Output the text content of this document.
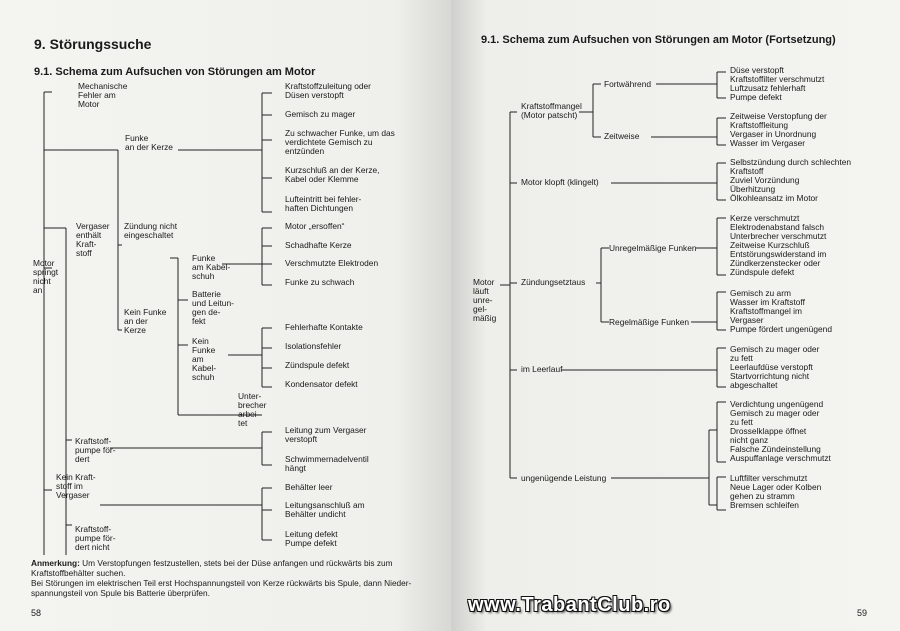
9. Störungssuche
9.1. Schema zum Aufsuchen von Störungen am Motor
Motor
springt
nicht
an
Mechanische
Fehler am
Motor
Funke
an der Kerze
Vergaser
enthält
Kraft-
stoff
Zündung nicht
eingeschaltet
Kein Funke
an der
Kerze
Funke
am Kabel-
schuh
Batterie
und Leitun-
gen de-
fekt
Kein
Funke
am
Kabel-
schuh
Unter-
brecher
arbei-
tet
Kraftstoff-
pumpe för-
dert
Kein Kraft-
stoff im
Vergaser
Kraftstoff-
pumpe för-
dert nicht
Kraftstoffzuleitung oder
Düsen verstopft
Gemisch zu mager
Zu schwacher Funke, um das
verdichtete Gemisch zu
entzünden
Kurzschluß an der Kerze,
Kabel oder Klemme
Lufteintritt bei fehler-
haften Dichtungen
Motor „ersoffen“
Schadhafte Kerze
Verschmutzte Elektroden
Funke zu schwach
Fehlerhafte Kontakte
Isolationsfehler
Zündspule defekt
Kondensator defekt
Leitung zum Vergaser
verstopft
Schwimmernadelventil
hängt
Behälter leer
Leitungsanschluß am
Behälter undicht
Leitung defekt
Pumpe defekt
Anmerkung: Um Verstopfungen festzustellen, stets bei der Düse anfangen und rückwärts bis zum
Kraftstoffbehälter suchen.
Bei Störungen im elektrischen Teil erst Hochspannungsteil von Kerze rückwärts bis Spule, dann Nieder-
spannungsteil von Spule bis Batterie überprüfen.
58
9.1. Schema zum Aufsuchen von Störungen am Motor (Fortsetzung)
Motor
läuft
unre-
gel-
mäßig
Kraftstoffmangel
(Motor patscht)
Fortwährend
Zeitweise
Motor klopft (klingelt)
Zündungsetztaus
Unregelmäßige Funken
Regelmäßige Funken
im Leerlauf
ungenügende Leistung
Düse verstopft
Kraftstoffilter verschmutzt
Luftzusatz fehlerhaft
Pumpe defekt
Zeitweise Verstopfung der
Kraftstoffleitung
Vergaser in Unordnung
Wasser im Vergaser
Selbstzündung durch schlechten
Kraftstoff
Zuviel Vorzündung
Überhitzung
Ölkohleansatz im Motor
Kerze verschmutzt
Elektrodenabstand falsch
Unterbrecher verschmutzt
Zeitweise Kurzschluß
Entstörungswiderstand im
Zündkerzenstecker oder
Zündspule defekt
Gemisch zu arm
Wasser im Kraftstoff
Kraftstoffmangel im
Vergaser
Pumpe fördert ungenügend
Gemisch zu mager oder
zu fett
Leerlaufdüse verstopft
Startvorrichtung nicht
abgeschaltet
Verdichtung ungenügend
Gemisch zu mager oder
zu fett
Drosselklappe öffnet
nicht ganz
Falsche Zündeinstellung
Auspuffanlage verschmutzt
Luftfilter verschmutzt
Neue Lager oder Kolben
gehen zu stramm
Bremsen schleifen
59
www.TrabantClub.ro
